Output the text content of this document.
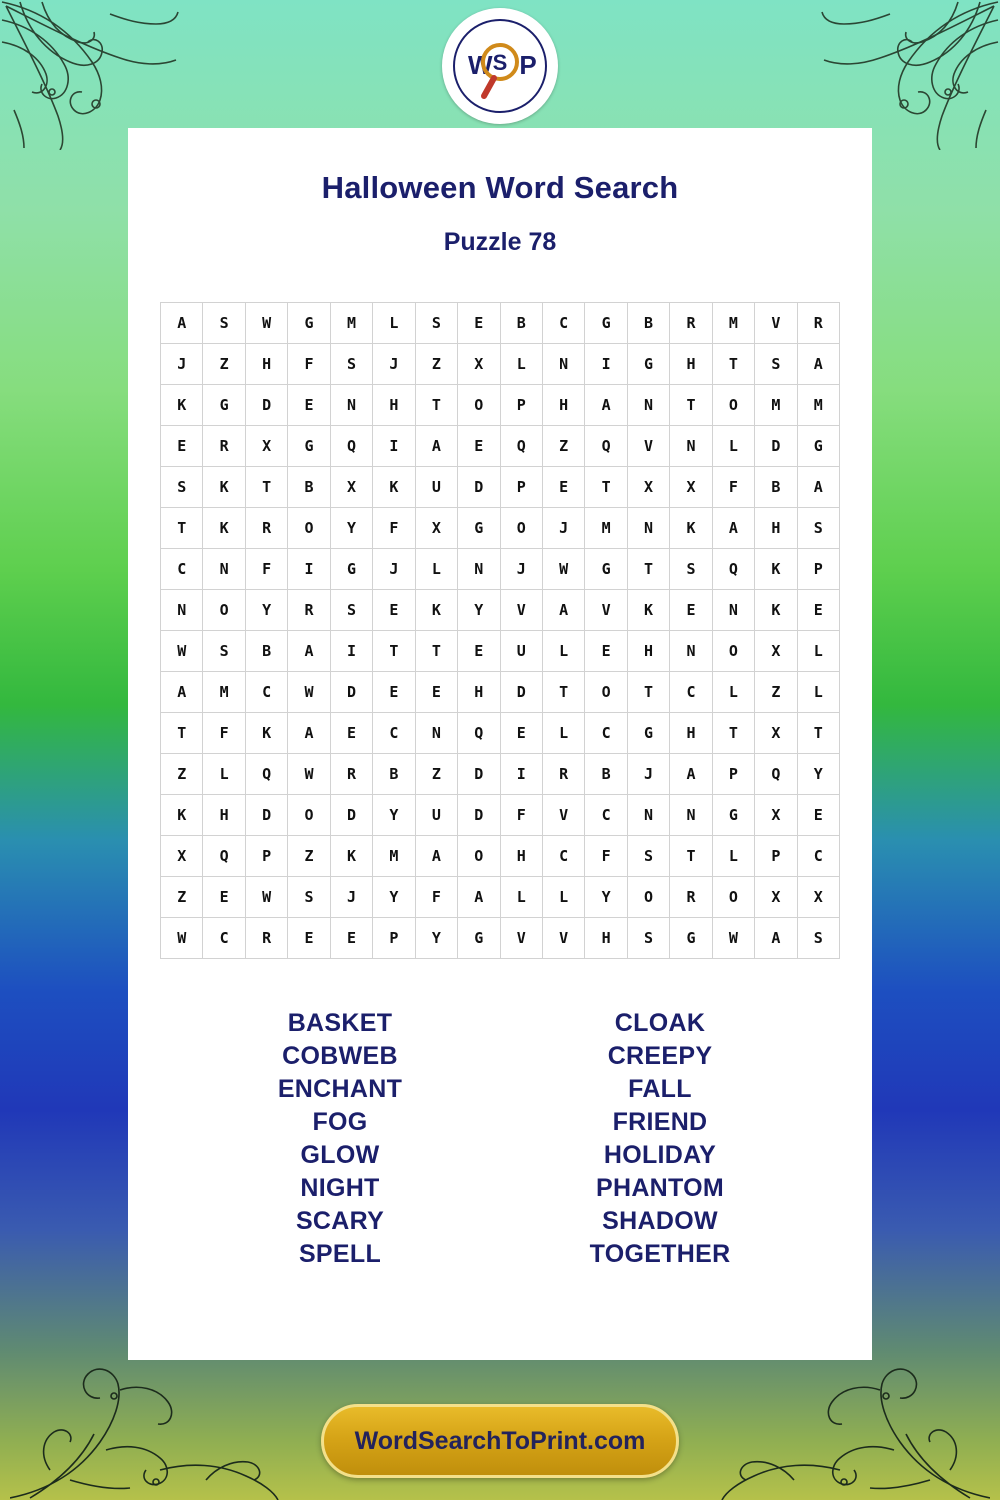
W P
S
Halloween Word Search
Puzzle 78
A	S	W	G	M	L	S	E	B	C	G	B	R	M	V	R
J	Z	H	F	S	J	Z	X	L	N	I	G	H	T	S	A
K	G	D	E	N	H	T	O	P	H	A	N	T	O	M	M
E	R	X	G	Q	I	A	E	Q	Z	Q	V	N	L	D	G
S	K	T	B	X	K	U	D	P	E	T	X	X	F	B	A
T	K	R	O	Y	F	X	G	O	J	M	N	K	A	H	S
C	N	F	I	G	J	L	N	J	W	G	T	S	Q	K	P
N	O	Y	R	S	E	K	Y	V	A	V	K	E	N	K	E
W	S	B	A	I	T	T	E	U	L	E	H	N	O	X	L
A	M	C	W	D	E	E	H	D	T	O	T	C	L	Z	L
T	F	K	A	E	C	N	Q	E	L	C	G	H	T	X	T
Z	L	Q	W	R	B	Z	D	I	R	B	J	A	P	Q	Y
K	H	D	O	D	Y	U	D	F	V	C	N	N	G	X	E
X	Q	P	Z	K	M	A	O	H	C	F	S	T	L	P	C
Z	E	W	S	J	Y	F	A	L	L	Y	O	R	O	X	X
W	C	R	E	E	P	Y	G	V	V	H	S	G	W	A	S
BASKET
COBWEB
ENCHANT
FOG
GLOW
NIGHT
SCARY
SPELL
CLOAK
CREEPY
FALL
FRIEND
HOLIDAY
PHANTOM
SHADOW
TOGETHER
WordSearchToPrint.com
